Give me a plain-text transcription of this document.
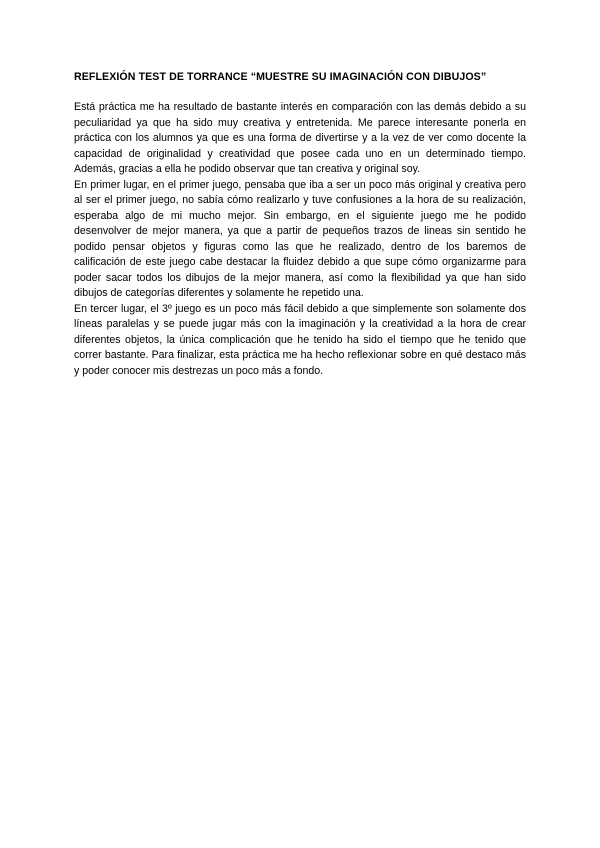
REFLEXIÓN TEST DE TORRANCE “MUESTRE SU IMAGINACIÓN CON DIBUJOS”

Está práctica me ha resultado de bastante interés en comparación con las demás debido a su peculiaridad ya que ha sido muy creativa y entretenida. Me parece interesante ponerla en práctica con los alumnos ya que es una forma de divertirse y a la vez de ver como docente la capacidad de originalidad y creatividad que posee cada uno en un determinado tiempo. Además, gracias a ella he podido observar que tan creativa y original soy.

En primer lugar, en el primer juego, pensaba que iba a ser un poco más original y creativa pero al ser el primer juego, no sabía cómo realizarlo y tuve confusiones a la hora de su realización, esperaba algo de mi mucho mejor. Sin embargo, en el siguiente juego me he podido desenvolver de mejor manera, ya que a partir de pequeños trazos de lineas sin sentido he podido pensar objetos y figuras como las que he realizado, dentro de los baremos de calificación de este juego cabe destacar la fluidez debido a que supe cómo organizarme para poder sacar todos los dibujos de la mejor manera, así como la flexibilidad ya que han sido dibujos de categorías diferentes y solamente he repetido una.

En tercer lugar, el 3º juego es un poco más fácil debido a que simplemente son solamente dos líneas paralelas y se puede jugar más con la imaginación y la creatividad a la hora de crear diferentes objetos, la única complicación que he tenido ha sido el tiempo que he tenido que correr bastante. Para finalizar, esta práctica me ha hecho reflexionar sobre en qué destaco más y poder conocer mis destrezas un poco más a fondo.
